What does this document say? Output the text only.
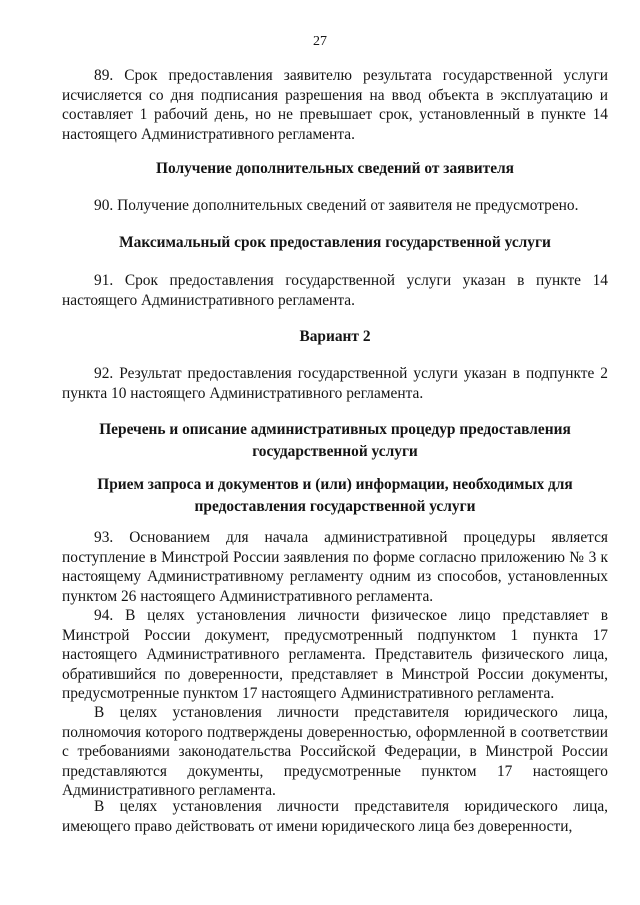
27

89. Срок предоставления заявителю результата государственной услуги исчисляется со дня подписания разрешения на ввод объекта в эксплуатацию и составляет 1 рабочий день, но не превышает срок, установленный в пункте 14 настоящего Административного регламента.

Получение дополнительных сведений от заявителя

90. Получение дополнительных сведений от заявителя не предусмотрено.

Максимальный срок предоставления государственной услуги

91. Срок предоставления государственной услуги указан в пункте 14 настоящего Административного регламента.

Вариант 2

92. Результат предоставления государственной услуги указан в подпункте 2 пункта 10 настоящего Административного регламента.

Перечень и описание административных процедур предоставления
государственной услуги

Прием запроса и документов и (или) информации, необходимых для
предоставления государственной услуги

93. Основанием для начала административной процедуры является поступление в Минстрой России заявления по форме согласно приложению № 3 к настоящему Административному регламенту одним из способов, установленных пунктом 26 настоящего Административного регламента.

94. В целях установления личности физическое лицо представляет в Минстрой России документ, предусмотренный подпунктом 1 пункта 17 настоящего Административного регламента. Представитель физического лица, обратившийся по доверенности, представляет в Минстрой России документы, предусмотренные пунктом 17 настоящего Административного регламента.

В целях установления личности представителя юридического лица, полномочия которого подтверждены доверенностью, оформленной в соответствии с требованиями законодательства Российской Федерации, в Минстрой России представляются документы, предусмотренные пунктом 17 настоящего Административного регламента.

В целях установления личности представителя юридического лица, имеющего право действовать от имени юридического лица без доверенности,
